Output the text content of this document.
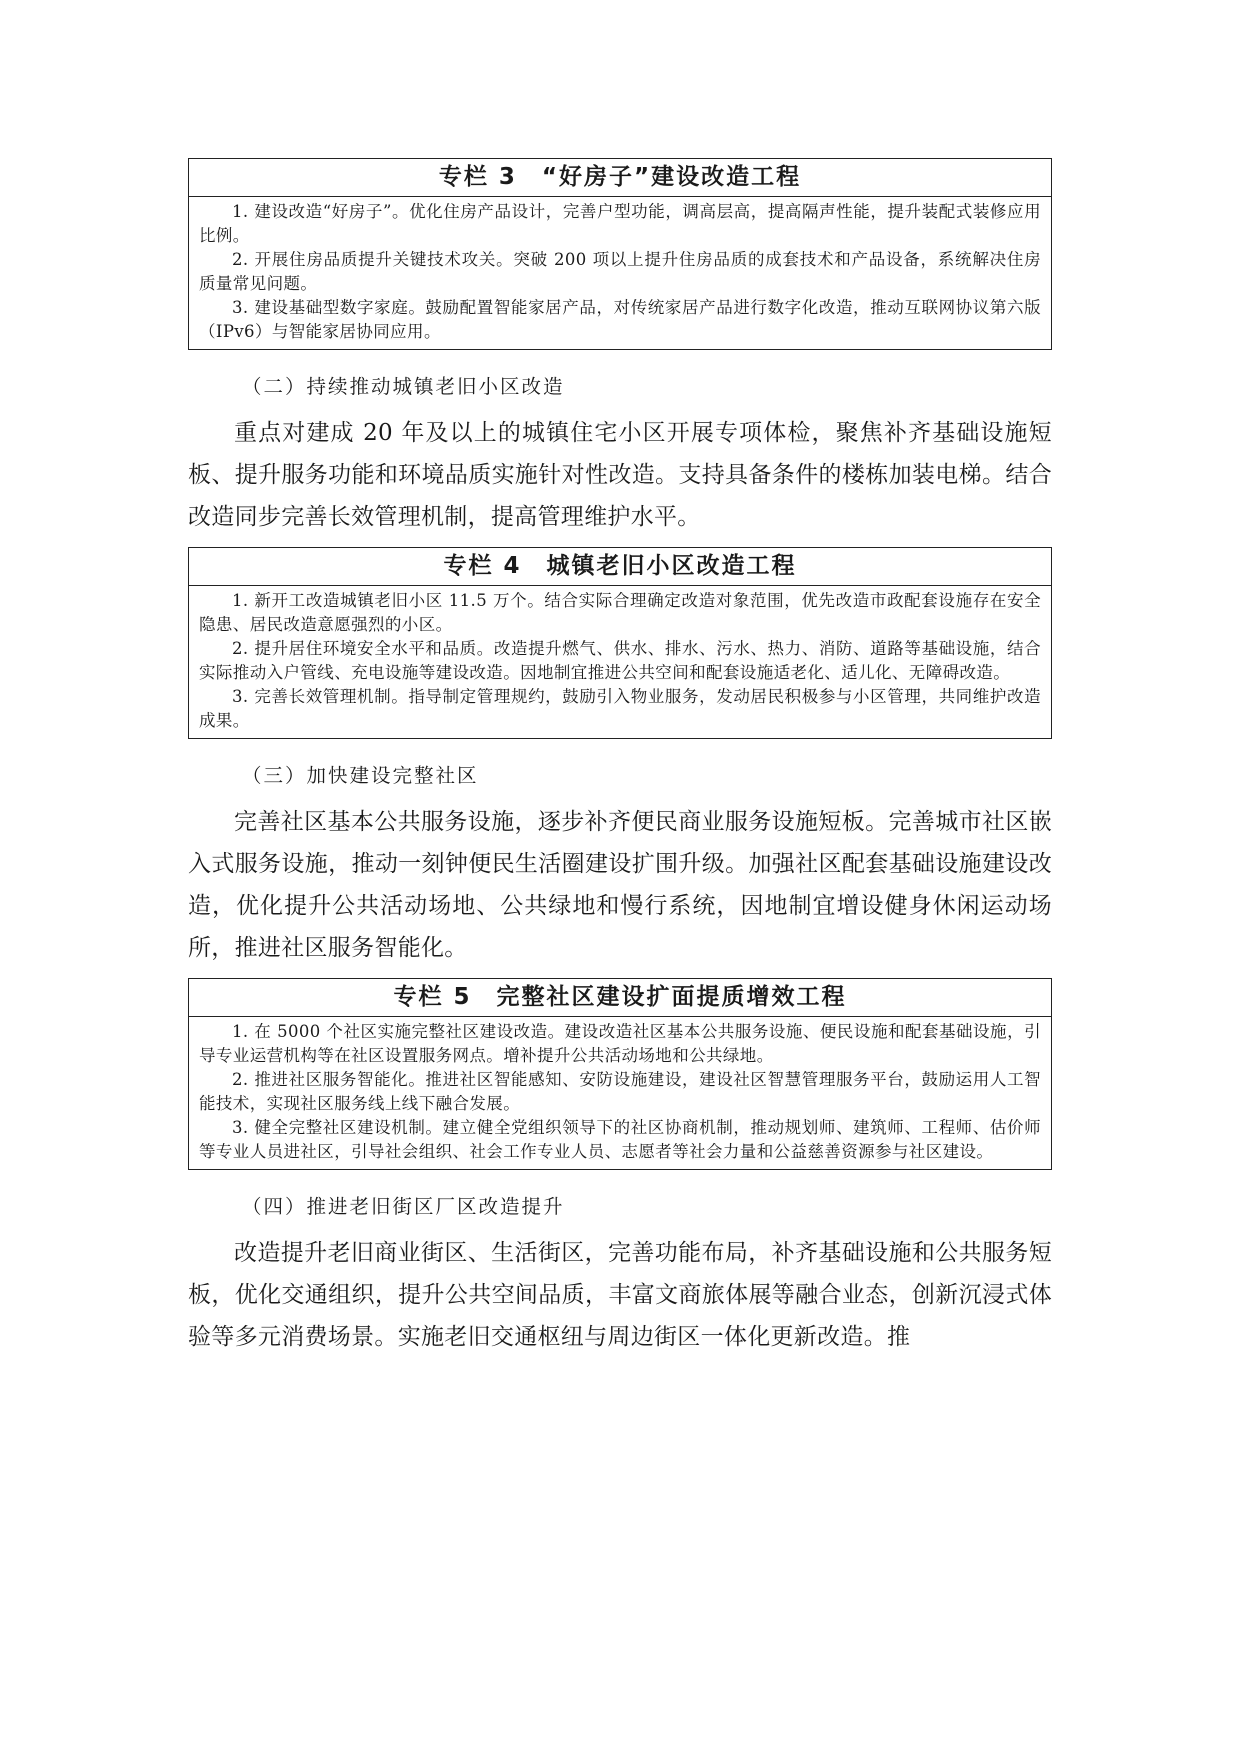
专栏 3　“好房子”建设改造工程

1. 建设改造“好房子”。优化住房产品设计，完善户型功能，调高层高，提高隔声性能，提升装配式装修应用比例。

2. 开展住房品质提升关键技术攻关。突破 200 项以上提升住房品质的成套技术和产品设备，系统解决住房质量常见问题。

3. 建设基础型数字家庭。鼓励配置智能家居产品，对传统家居产品进行数字化改造，推动互联网协议第六版（IPv6）与智能家居协同应用。

（二）持续推动城镇老旧小区改造

重点对建成 20 年及以上的城镇住宅小区开展专项体检，聚焦补齐基础设施短板、提升服务功能和环境品质实施针对性改造。支持具备条件的楼栋加装电梯。结合改造同步完善长效管理机制，提高管理维护水平。

专栏 4　城镇老旧小区改造工程

1. 新开工改造城镇老旧小区 11.5 万个。结合实际合理确定改造对象范围，优先改造市政配套设施存在安全隐患、居民改造意愿强烈的小区。

2. 提升居住环境安全水平和品质。改造提升燃气、供水、排水、污水、热力、消防、道路等基础设施，结合实际推动入户管线、充电设施等建设改造。因地制宜推进公共空间和配套设施适老化、适儿化、无障碍改造。

3. 完善长效管理机制。指导制定管理规约，鼓励引入物业服务，发动居民积极参与小区管理，共同维护改造成果。

（三）加快建设完整社区

完善社区基本公共服务设施，逐步补齐便民商业服务设施短板。完善城市社区嵌入式服务设施，推动一刻钟便民生活圈建设扩围升级。加强社区配套基础设施建设改造，优化提升公共活动场地、公共绿地和慢行系统，因地制宜增设健身休闲运动场所，推进社区服务智能化。

专栏 5　完整社区建设扩面提质增效工程

1. 在 5000 个社区实施完整社区建设改造。建设改造社区基本公共服务设施、便民设施和配套基础设施，引导专业运营机构等在社区设置服务网点。增补提升公共活动场地和公共绿地。

2. 推进社区服务智能化。推进社区智能感知、安防设施建设，建设社区智慧管理服务平台，鼓励运用人工智能技术，实现社区服务线上线下融合发展。

3. 健全完整社区建设机制。建立健全党组织领导下的社区协商机制，推动规划师、建筑师、工程师、估价师等专业人员进社区，引导社会组织、社会工作专业人员、志愿者等社会力量和公益慈善资源参与社区建设。

（四）推进老旧街区厂区改造提升

改造提升老旧商业街区、生活街区，完善功能布局，补齐基础设施和公共服务短板，优化交通组织，提升公共空间品质，丰富文商旅体展等融合业态，创新沉浸式体验等多元消费场景。实施老旧交通枢纽与周边街区一体化更新改造。推
